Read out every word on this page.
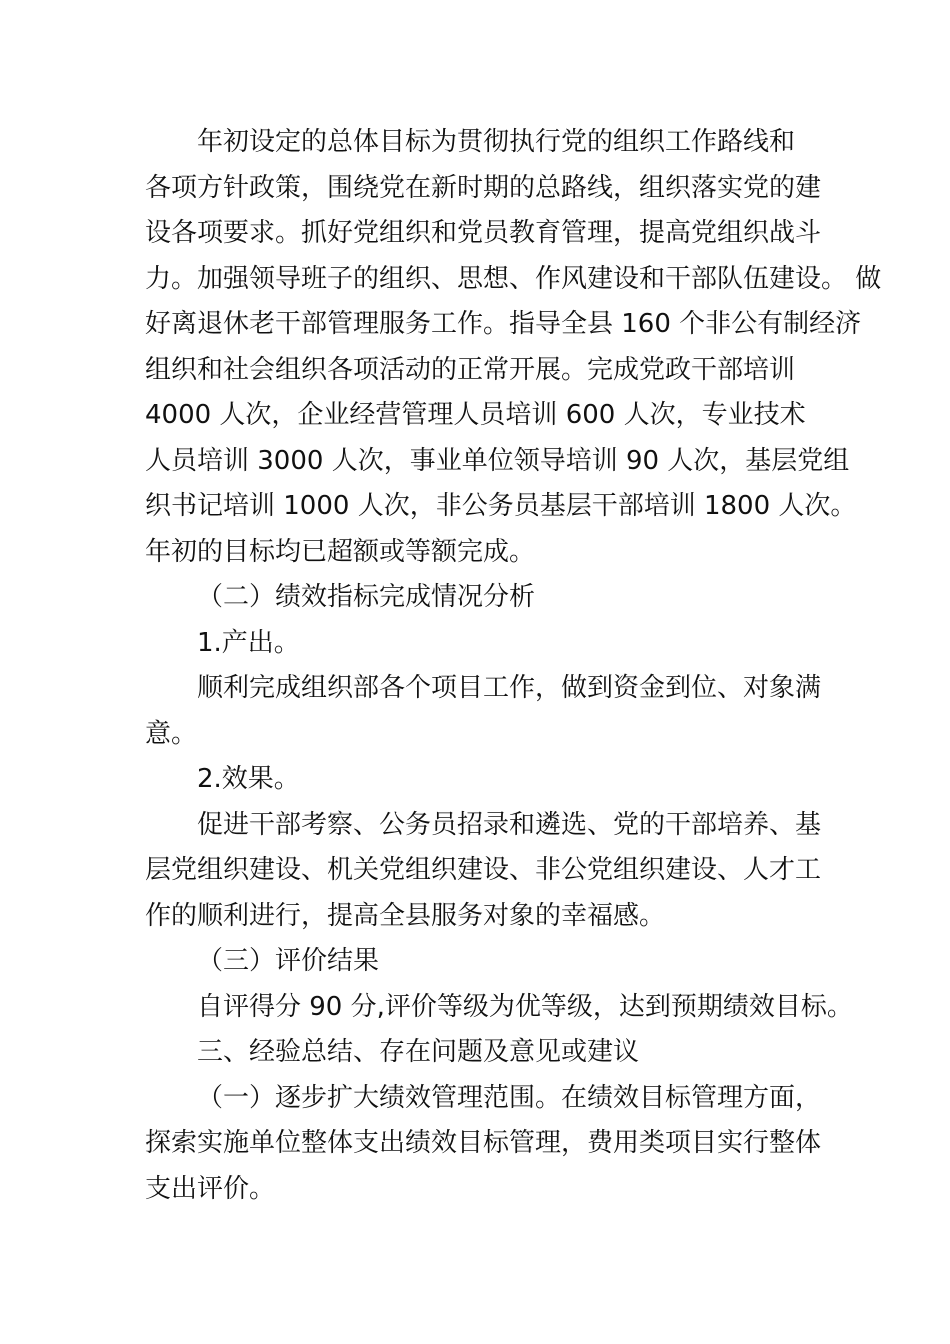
年初设定的总体目标为贯彻执行党的组织工作路线和
各项方针政策，围绕党在新时期的总路线，组织落实党的建
设各项要求。抓好党组织和党员教育管理，提高党组织战斗
力。加强领导班子的组织、思想、作风建设和干部队伍建设。 做
好离退休老干部管理服务工作。指导全县 160 个非公有制经济
组织和社会组织各项活动的正常开展。完成党政干部培训
4000 人次，企业经营管理人员培训 600 人次，专业技术
人员培训 3000 人次，事业单位领导培训 90 人次，基层党组
织书记培训 1000 人次，非公务员基层干部培训 1800 人次。
年初的目标均已超额或等额完成。

（二）绩效指标完成情况分析

1.产出。

顺利完成组织部各个项目工作，做到资金到位、对象满
意。

2.效果。

促进干部考察、公务员招录和遴选、党的干部培养、基
层党组织建设、机关党组织建设、非公党组织建设、人才工
作的顺利进行，提高全县服务对象的幸福感。

（三）评价结果

自评得分 90 分,评价等级为优等级，达到预期绩效目标。

三、经验总结、存在问题及意见或建议

（一）逐步扩大绩效管理范围。在绩效目标管理方面，
探索实施单位整体支出绩效目标管理，费用类项目实行整体
支出评价。
